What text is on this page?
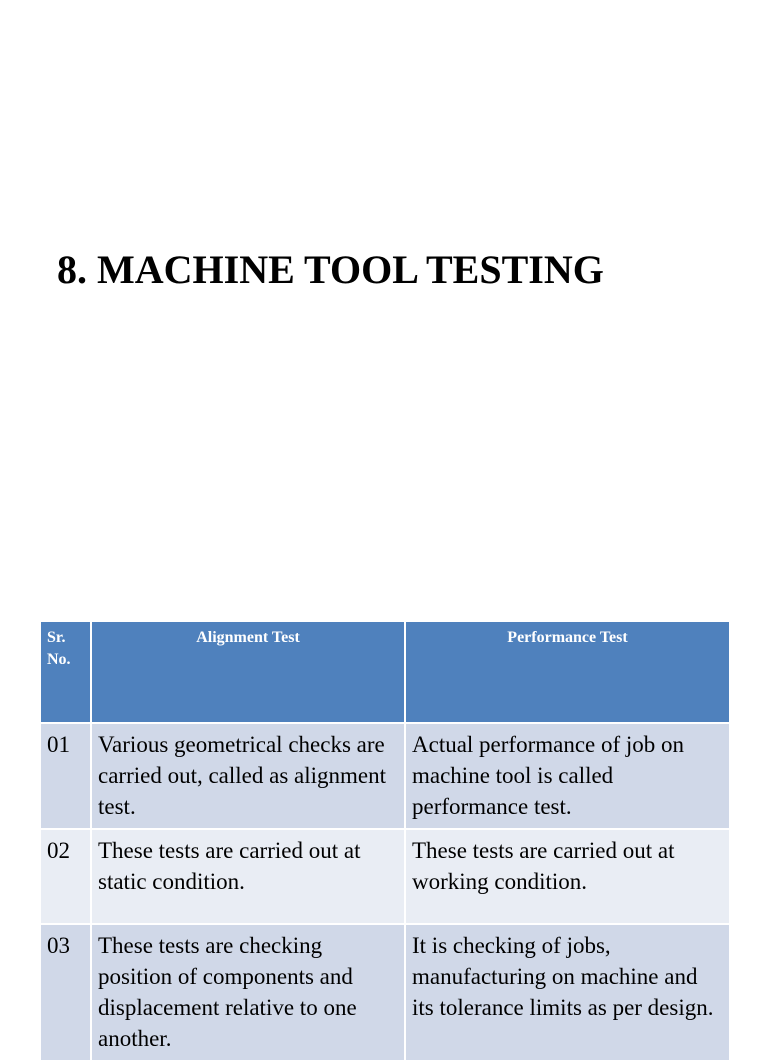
8. MACHINE TOOL TESTING
Sr. No.	Alignment Test	Performance Test
01	Various geometrical checks are carried out, called as alignment test.	Actual performance of job on machine tool is called performance test.
02	These tests are carried out at static condition.	These tests are carried out at working condition.
03	These tests are checking position of components and displacement relative to one another.	It is checking of jobs, manufacturing on machine and its tolerance limits as per design.
